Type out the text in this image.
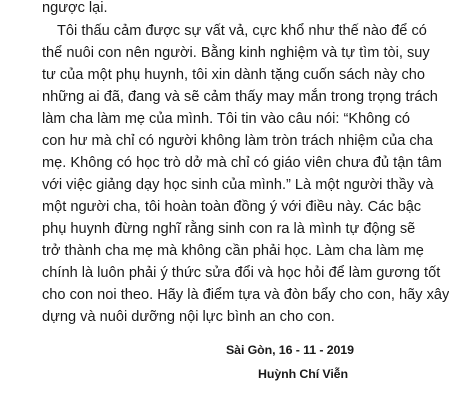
ngược lại.
Tôi thấu cảm được sự vất vả, cực khổ như thế nào để có
thể nuôi con nên người. Bằng kinh nghiệm và tự tìm tòi, suy
tư của một phụ huynh, tôi xin dành tặng cuốn sách này cho
những ai đã, đang và sẽ cảm thấy may mắn trong trọng trách
làm cha làm mẹ của mình. Tôi tin vào câu nói: “Không có
con hư mà chỉ có người không làm tròn trách nhiệm của cha
mẹ. Không có học trò dở mà chỉ có giáo viên chưa đủ tận tâm
với việc giảng dạy học sinh của mình.” Là một người thầy và
một người cha, tôi hoàn toàn đồng ý với điều này. Các bậc
phụ huynh đừng nghĩ rằng sinh con ra là mình tự động sẽ
trở thành cha mẹ mà không cần phải học. Làm cha làm mẹ
chính là luôn phải ý thức sửa đổi và học hỏi để làm gương tốt
cho con noi theo. Hãy là điểm tựa và đòn bẩy cho con, hãy xây
dựng và nuôi dưỡng nội lực bình an cho con.
Sài Gòn, 16 - 11 - 2019
Huỳnh Chí Viễn
